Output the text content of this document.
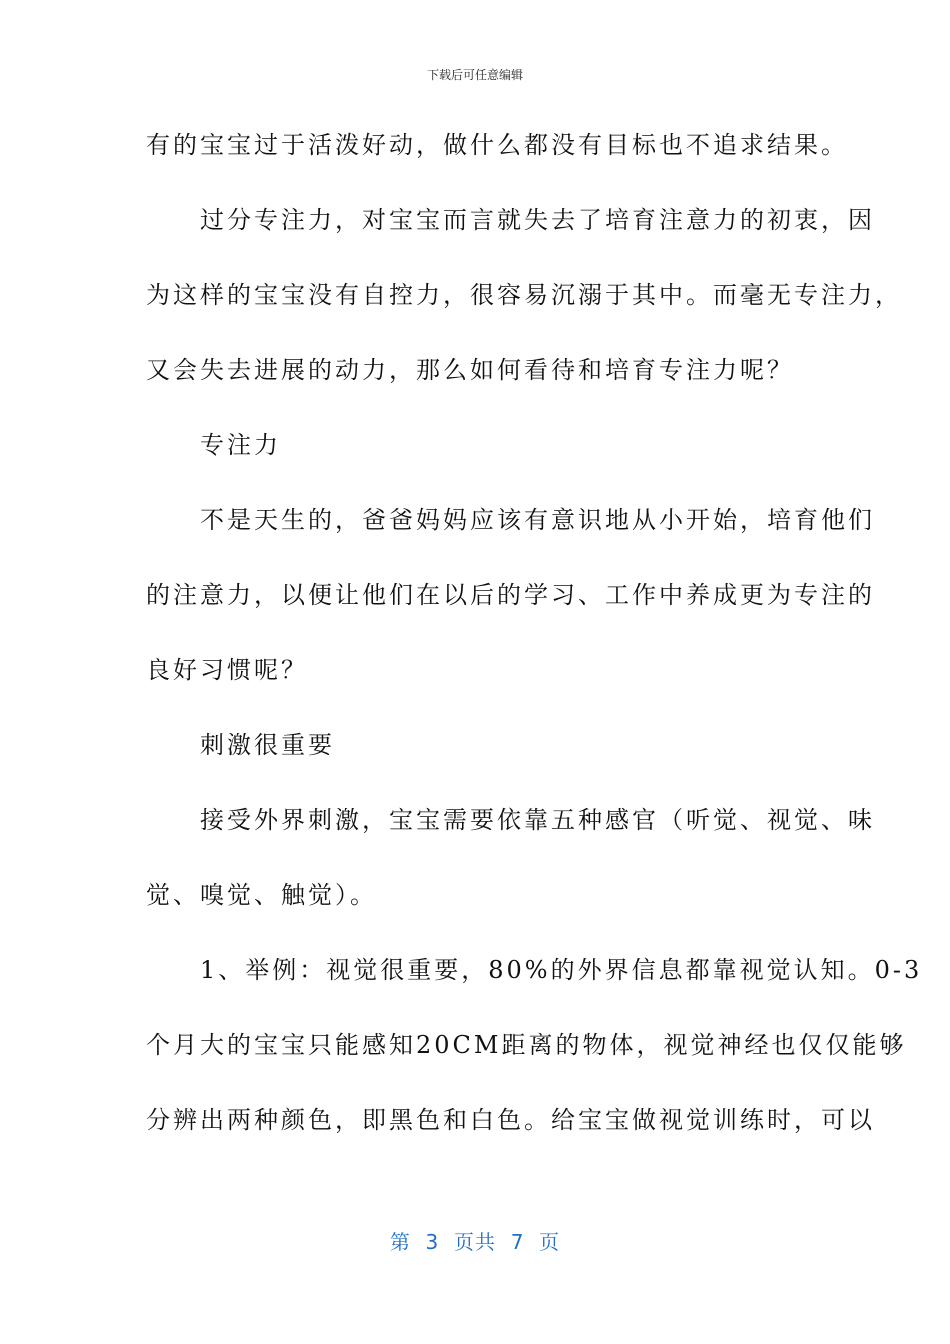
下载后可任意编辑
有的宝宝过于活泼好动，做什么都没有目标也不追求结果。
　　过分专注力，对宝宝而言就失去了培育注意力的初衷，因
为这样的宝宝没有自控力，很容易沉溺于其中。而毫无专注力，
又会失去进展的动力，那么如何看待和培育专注力呢？
　　专注力
　　不是天生的，爸爸妈妈应该有意识地从小开始，培育他们
的注意力，以便让他们在以后的学习、工作中养成更为专注的
良好习惯呢？
　　刺激很重要
　　接受外界刺激，宝宝需要依靠五种感官（听觉、视觉、味
觉、嗅觉、触觉）。
　　1、举例：视觉很重要，80%的外界信息都靠视觉认知。0-3
个月大的宝宝只能感知20CM距离的物体，视觉神经也仅仅能够
分辨出两种颜色，即黑色和白色。给宝宝做视觉训练时，可以
第  3  页共  7  页
